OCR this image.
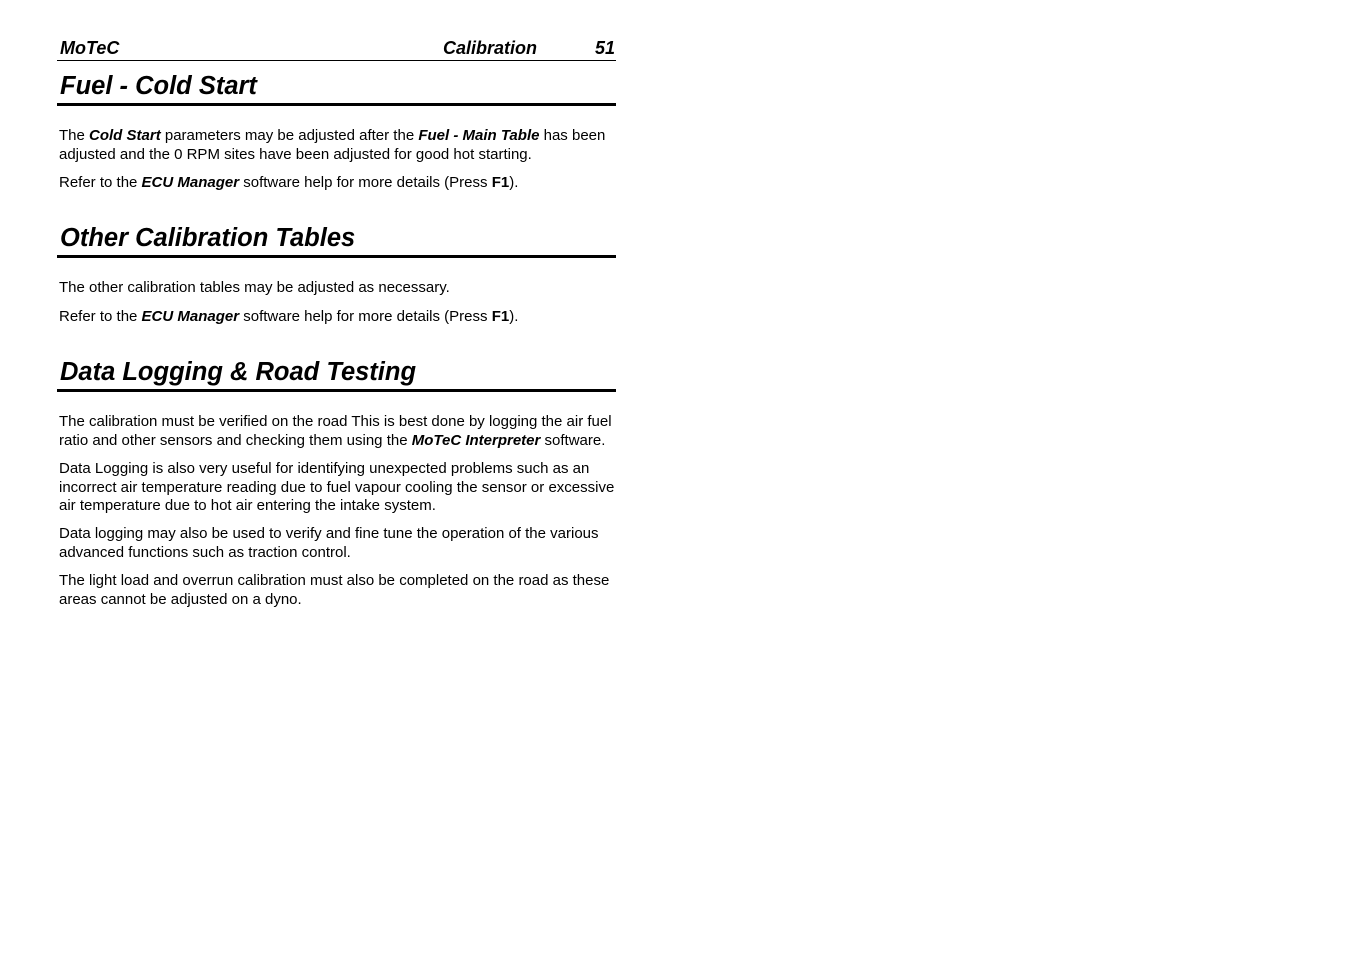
MoTeC	Calibration	51
Fuel - Cold Start

The Cold Start parameters may be adjusted after the Fuel - Main Table has been adjusted and the 0 RPM sites have been adjusted for good hot starting.

Refer to the ECU Manager software help for more details (Press F1).

Other Calibration Tables

The other calibration tables may be adjusted as necessary.

Refer to the ECU Manager software help for more details (Press F1).

Data Logging & Road Testing

The calibration must be verified on the road This is best done by logging the air fuel ratio and other sensors and checking them using the MoTeC Interpreter software.

Data Logging is also very useful for identifying unexpected problems such as an incorrect air temperature reading due to fuel vapour cooling the sensor or excessive air temperature due to hot air entering the intake system.

Data logging may also be used to verify and fine tune the operation of the various advanced functions such as traction control.

The light load and overrun calibration must also be completed on the road as these areas cannot be adjusted on a dyno.
